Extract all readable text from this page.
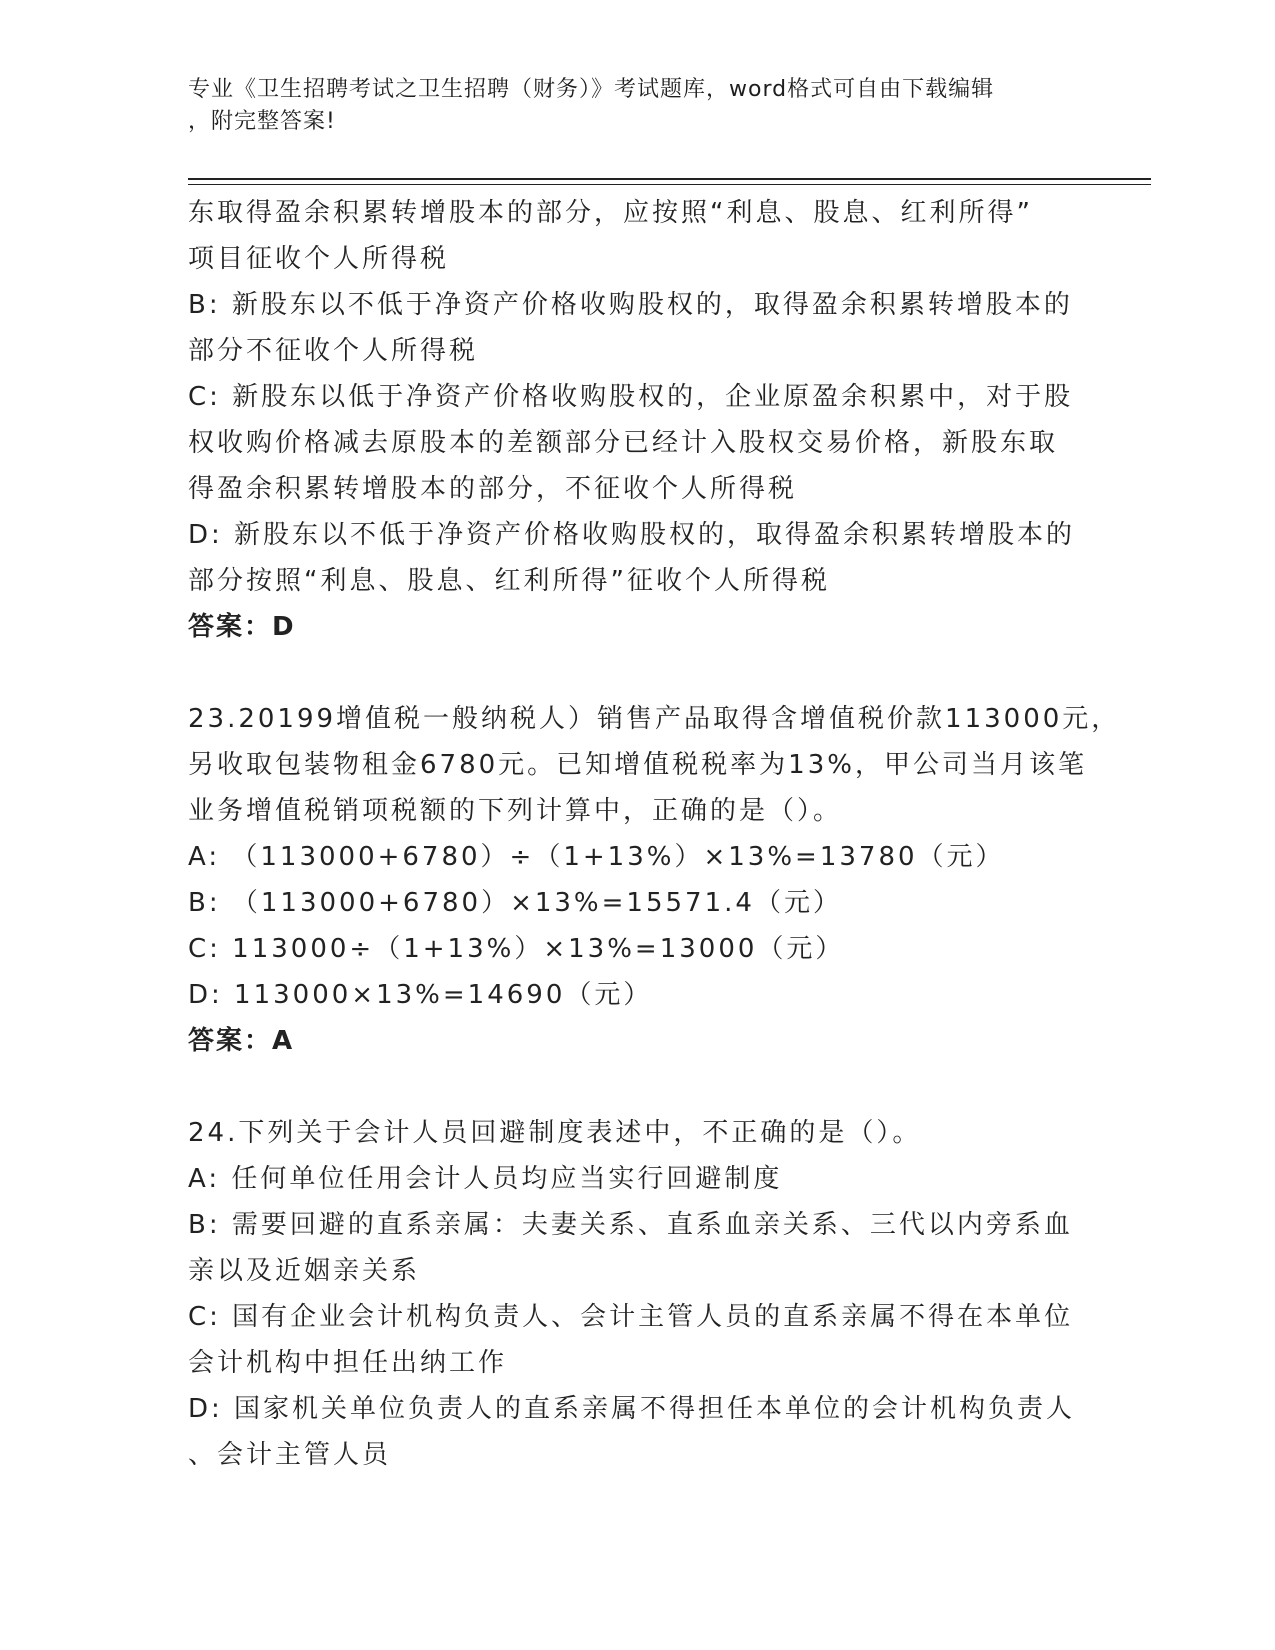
专业《卫生招聘考试之卫生招聘（财务）》考试题库，word格式可自由下载编辑
，附完整答案!
东取得盈余积累转增股本的部分，应按照“利息、股息、红利所得”
项目征收个人所得税
B: 新股东以不低于净资产价格收购股权的，取得盈余积累转增股本的
部分不征收个人所得税
C: 新股东以低于净资产价格收购股权的，企业原盈余积累中，对于股
权收购价格减去原股本的差额部分已经计入股权交易价格，新股东取
得盈余积累转增股本的部分，不征收个人所得税
D: 新股东以不低于净资产价格收购股权的，取得盈余积累转增股本的
部分按照“利息、股息、红利所得”征收个人所得税
答案：D
23.20199增值税一般纳税人）销售产品取得含增值税价款113000元，
另收取包装物租金6780元。已知增值税税率为13%，甲公司当月该笔
业务增值税销项税额的下列计算中，正确的是（）。
A: （113000+6780）÷（1+13%）×13%=13780（元）
B: （113000+6780）×13%=15571.4（元）
C: 113000÷（1+13%）×13%=13000（元）
D: 113000×13%=14690（元）
答案：A
24.下列关于会计人员回避制度表述中，不正确的是（）。
A: 任何单位任用会计人员均应当实行回避制度
B: 需要回避的直系亲属：夫妻关系、直系血亲关系、三代以内旁系血
亲以及近姻亲关系
C: 国有企业会计机构负责人、会计主管人员的直系亲属不得在本单位
会计机构中担任出纳工作
D: 国家机关单位负责人的直系亲属不得担任本单位的会计机构负责人
、会计主管人员
